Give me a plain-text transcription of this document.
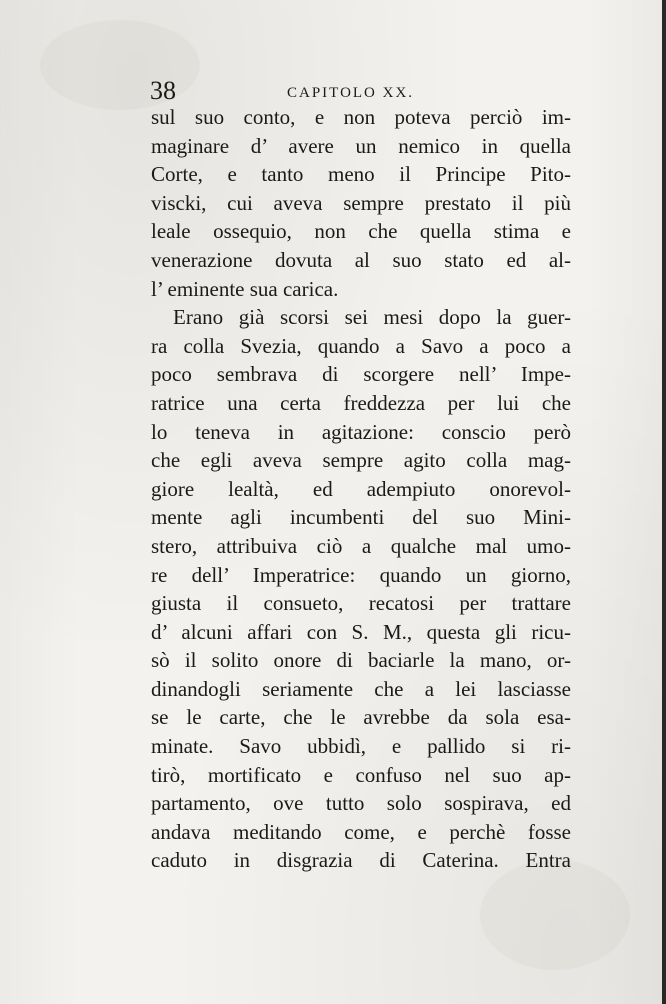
38	CAPITOLO XX.
sul suo conto, e non poteva perciò im-
maginare d’ avere un nemico in quella
Corte, e tanto meno il Principe Pito-
viscki, cui aveva sempre prestato il più
leale ossequio, non che quella stima e
venerazione dovuta al suo stato ed al-
l’ eminente sua carica.
Erano già scorsi sei mesi dopo la guer-
ra colla Svezia, quando a Savo a poco a
poco sembrava di scorgere nell’ Impe-
ratrice una certa freddezza per lui che
lo teneva in agitazione: conscio però
che egli aveva sempre agito colla mag-
giore lealtà, ed adempiuto onorevol-
mente agli incumbenti del suo Mini-
stero, attribuiva ciò a qualche mal umo-
re dell’ Imperatrice: quando un giorno,
giusta il consueto, recatosi per trattare
d’ alcuni affari con S. M., questa gli ricu-
sò il solito onore di baciarle la mano, or-
dinandogli seriamente che a lei lasciasse
se le carte, che le avrebbe da sola esa-
minate. Savo ubbidì, e pallido si ri-
tirò, mortificato e confuso nel suo ap-
partamento, ove tutto solo sospirava, ed
andava meditando come, e perchè fosse
caduto in disgrazia di Caterina. Entra
